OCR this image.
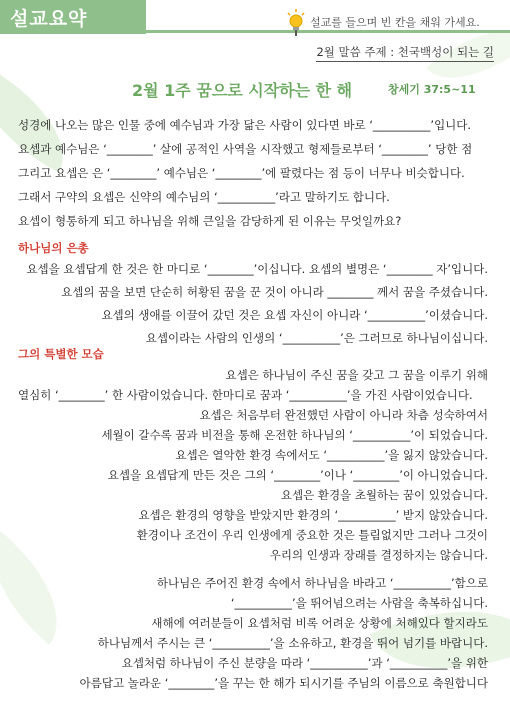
설교요약	설교를 들으며 빈 칸을 채워 가세요.
2월 말씀 주제 : 천국백성이 되는 길
2월 1주 꿈으로 시작하는 한 해	창세기 37:5~11

성경에 나오는 많은 인물 중에 예수님과 가장 닮은 사람이 있다면 바로 ‘__________’입니다.

요셉과 예수님은 ‘________’ 살에 공적인 사역을 시작했고 형제들로부터 ‘________’ 당한 점

그리고 요셉은 은 ‘________’ 예수님은 ‘________’에 팔렸다는 점 등이 너무나 비슷합니다.

그래서 구약의 요셉은 신약의 예수님의 ‘__________’라고 말하기도 합니다.

요셉이 형통하게 되고 하나님을 위해 큰일을 감당하게 된 이유는 무엇일까요?

하나님의 은총

요셉을 요셉답게 한 것은 한 마디로 ‘________’이십니다. 요셉의 별명은 ‘________ 자’입니다.

요셉의 꿈을 보면 단순히 허황된 꿈을 꾼 것이 아니라 ________ 께서 꿈을 주셨습니다.

요셉의 생애를 이끌어 갔던 것은 요셉 자신이 아니라 ‘__________’이셨습니다.

요셉이라는 사람의 인생의 ‘__________’은 그러므로 하나님이십니다.

그의 특별한 모습

요셉은 하나님이 주신 꿈을 갖고 그 꿈을 이루기 위해

열심히 ‘________’ 한 사람이었습니다. 한마디로 꿈과 ‘__________’을 가진 사람이었습니다.

요셉은 처음부터 완전했던 사람이 아니라 차츰 성숙하여서

세월이 갈수록 꿈과 비전을 통해 온전한 하나님의 ‘__________’이 되었습니다.

요셉은 열악한 환경 속에서도 ‘__________’을 잃지 않았습니다.

요셉을 요셉답게 만든 것은 그의 ‘________’이나 ‘________’이 아니었습니다.

요셉은 환경을 초월하는 꿈이 있었습니다.

요셉은 환경의 영향을 받았지만 환경의 ‘__________’ 받지 않았습니다.

환경이나 조건이 우리 인생에게 중요한 것은 틀림없지만 그러나 그것이

우리의 인생과 장래를 결정하지는 않습니다.

하나님은 주어진 환경 속에서 하나님을 바라고 ‘__________’함으로

‘__________’을 뛰어넘으려는 사람을 축복하십니다.

새해에 여러분들이 요셉처럼 비록 어려운 상황에 처해있다 할지라도

하나님께서 주시는 큰 ‘__________’을 소유하고, 환경을 뛰어 넘기를 바랍니다.

요셉처럼 하나님이 주신 분량을 따라 ‘__________’과 ‘__________’을 위한

아름답고 놀라운 ‘________’을 꾸는 한 해가 되시기를 주님의 이름으로 축원합니다
